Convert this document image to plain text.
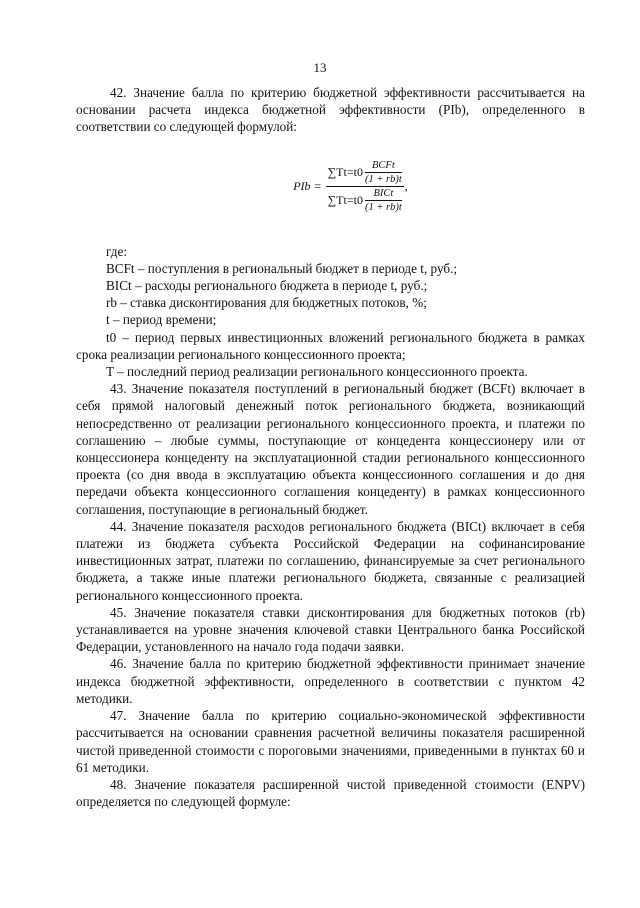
13

42. Значение балла по критерию бюджетной эффективности рассчитывается на основании расчета индекса бюджетной эффективности (PIb), определенного в соответствии со следующей формулой:

PIb =
$\sum Tt=t0 \frac{\text{BCFt}}{(1 + rb)t}$
$\sum Tt=t0 \frac{\text{BICt}}{(1 + rb)t}$
,

где:

BCFt – поступления в региональный бюджет в периоде t, руб.;

BICt – расходы регионального бюджета в периоде t, руб.;

rb – ставка дисконтирования для бюджетных потоков, %;

t – период времени;

t0 – период первых инвестиционных вложений регионального бюджета в рамках срока реализации регионального концессионного проекта;

T – последний период реализации регионального концессионного проекта.

43. Значение показателя поступлений в региональный бюджет (BCFt) включает в себя прямой налоговый денежный поток регионального бюджета, возникающий непосредственно от реализации регионального концессионного проекта, и платежи по соглашению – любые суммы, поступающие от концедента концессионеру или от концессионера концеденту на эксплуатационной стадии регионального концессионного проекта (со дня ввода в эксплуатацию объекта концессионного соглашения и до дня передачи объекта концессионного соглашения концеденту) в рамках концессионного соглашения, поступающие в региональный бюджет.

44. Значение показателя расходов регионального бюджета (BICt) включает в себя платежи из бюджета субъекта Российской Федерации на софинансирование инвестиционных затрат, платежи по соглашению, финансируемые за счет регионального бюджета, а также иные платежи регионального бюджета, связанные с реализацией регионального концессионного проекта.

45. Значение показателя ставки дисконтирования для бюджетных потоков (rb) устанавливается на уровне значения ключевой ставки Центрального банка Российской Федерации, установленного на начало года подачи заявки.

46. Значение балла по критерию бюджетной эффективности принимает значение индекса бюджетной эффективности, определенного в соответствии с пунктом 42 методики.

47. Значение балла по критерию социально-экономической эффективности рассчитывается на основании сравнения расчетной величины показателя расширенной чистой приведенной стоимости с пороговыми значениями, приведенными в пунктах 60 и 61 методики.

48. Значение показателя расширенной чистой приведенной стоимости (ENPV) определяется по следующей формуле:
